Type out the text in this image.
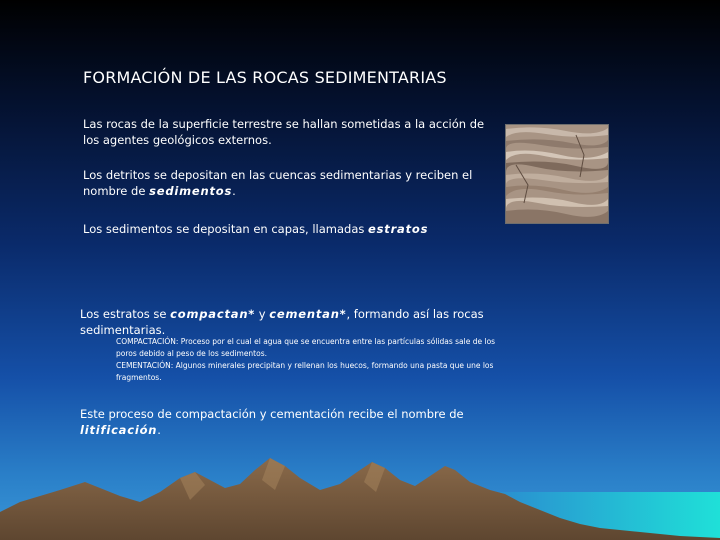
FORMACIÓN DE LAS ROCAS SEDIMENTARIAS

Las rocas de la superficie terrestre se hallan sometidas a la acción de los agentes geológicos externos.

Los detritos se depositan en las cuencas sedimentarias y reciben el nombre de sedimentos.

Los sedimentos se depositan en capas, llamadas estratos

Los estratos se compactan* y cementan*, formando así las rocas sedimentarias.

COMPACTACIÓN: Proceso por el cual el agua que se encuentra entre las partículas sólidas sale de los poros debido al peso de los sedimentos.
CEMENTACIÓN: Algunos minerales precipitan y rellenan los huecos, formando una pasta que une los fragmentos.

Este proceso de compactación y cementación recibe el nombre de litificación.
